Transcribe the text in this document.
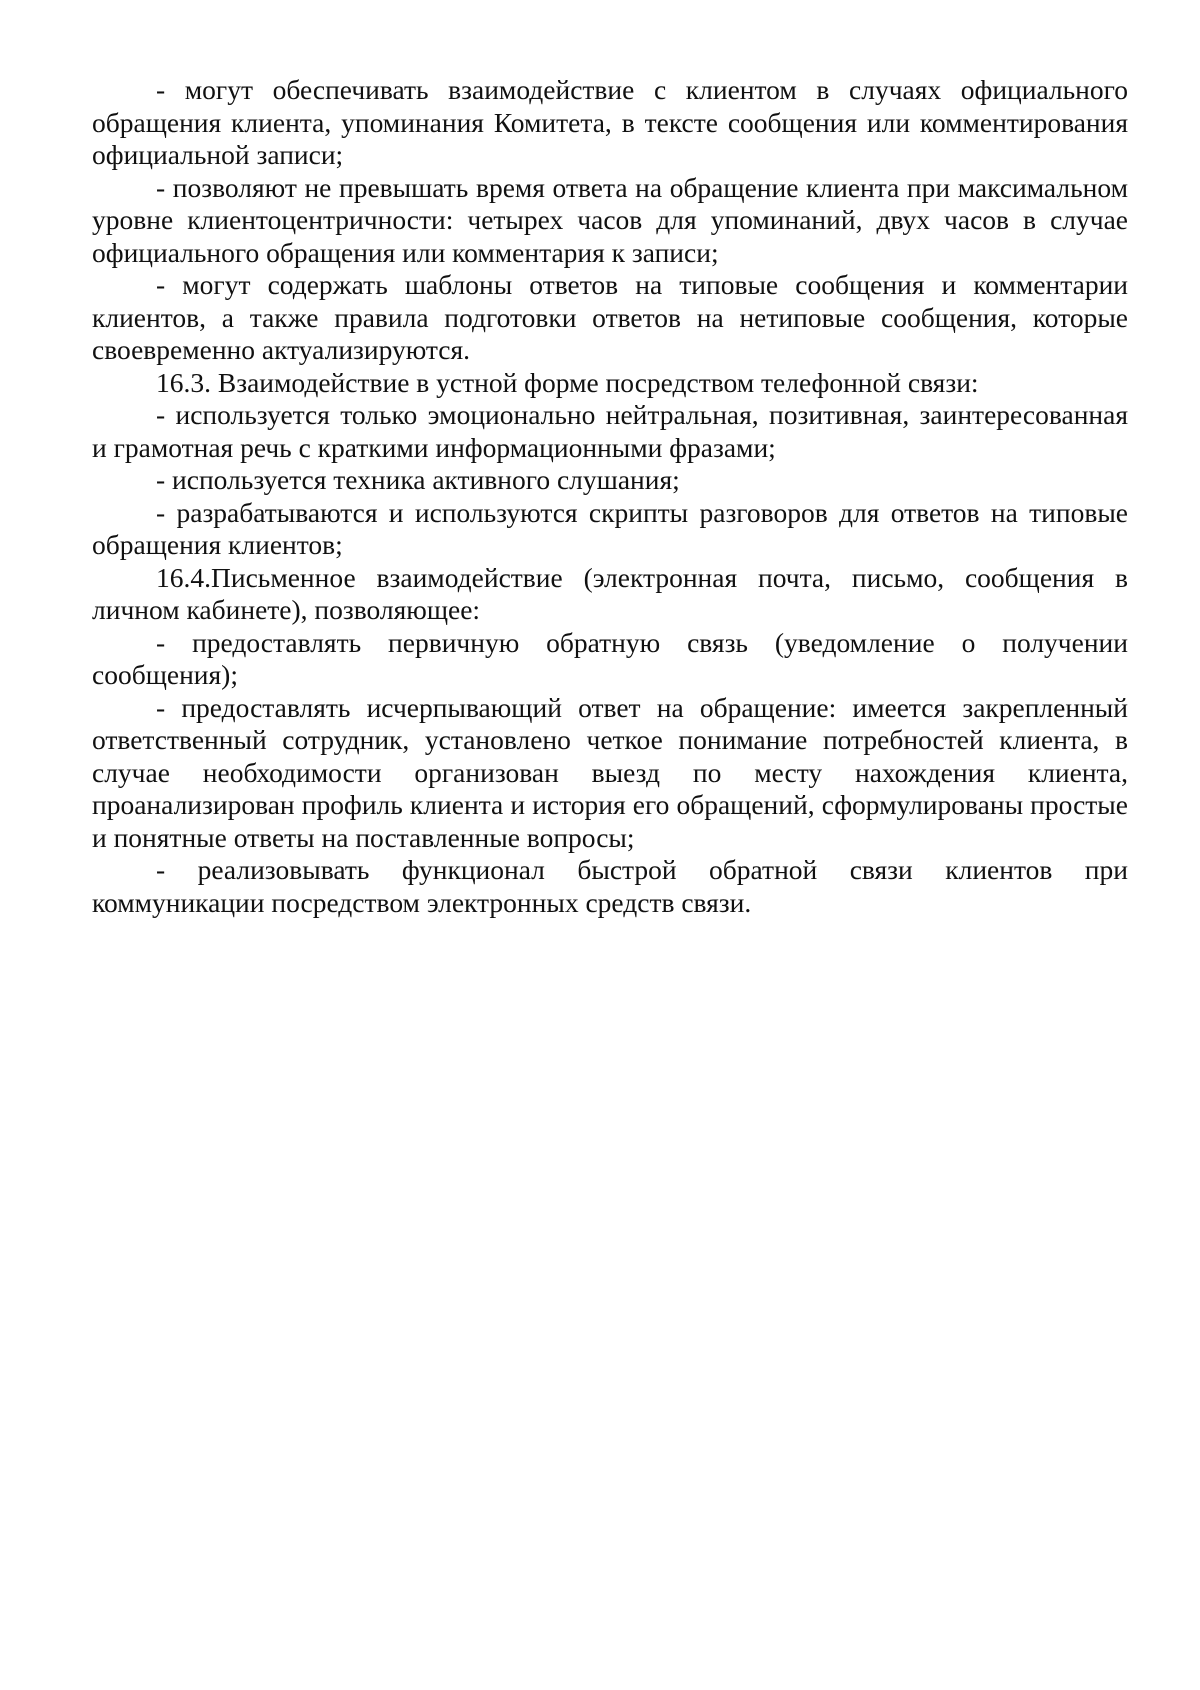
- могут обеспечивать взаимодействие с клиентом в случаях официального обращения клиента, упоминания Комитета, в тексте сообщения или комментирования официальной записи;

- позволяют не превышать время ответа на обращение клиента при максимальном уровне клиентоцентричности: четырех часов для упоминаний, двух часов в случае официального обращения или комментария к записи;

- могут содержать шаблоны ответов на типовые сообщения и комментарии клиентов, а также правила подготовки ответов на нетиповые сообщения, которые своевременно актуализируются.

16.3. Взаимодействие в устной форме посредством телефонной связи:

- используется только эмоционально нейтральная, позитивная, заинтересованная и грамотная речь с краткими информационными фразами;

- используется техника активного слушания;

- разрабатываются и используются скрипты разговоров для ответов на типовые обращения клиентов;

16.4.Письменное взаимодействие (электронная почта, письмо, сообщения в личном кабинете), позволяющее:

- предоставлять первичную обратную связь (уведомление о получении сообщения);

- предоставлять исчерпывающий ответ на обращение: имеется закрепленный ответственный сотрудник, установлено четкое понимание потребностей клиента, в случае необходимости организован выезд по месту нахождения клиента, проанализирован профиль клиента и история его обращений, сформулированы простые и понятные ответы на поставленные вопросы;

- реализовывать функционал быстрой обратной связи клиентов при коммуникации посредством электронных средств связи.
